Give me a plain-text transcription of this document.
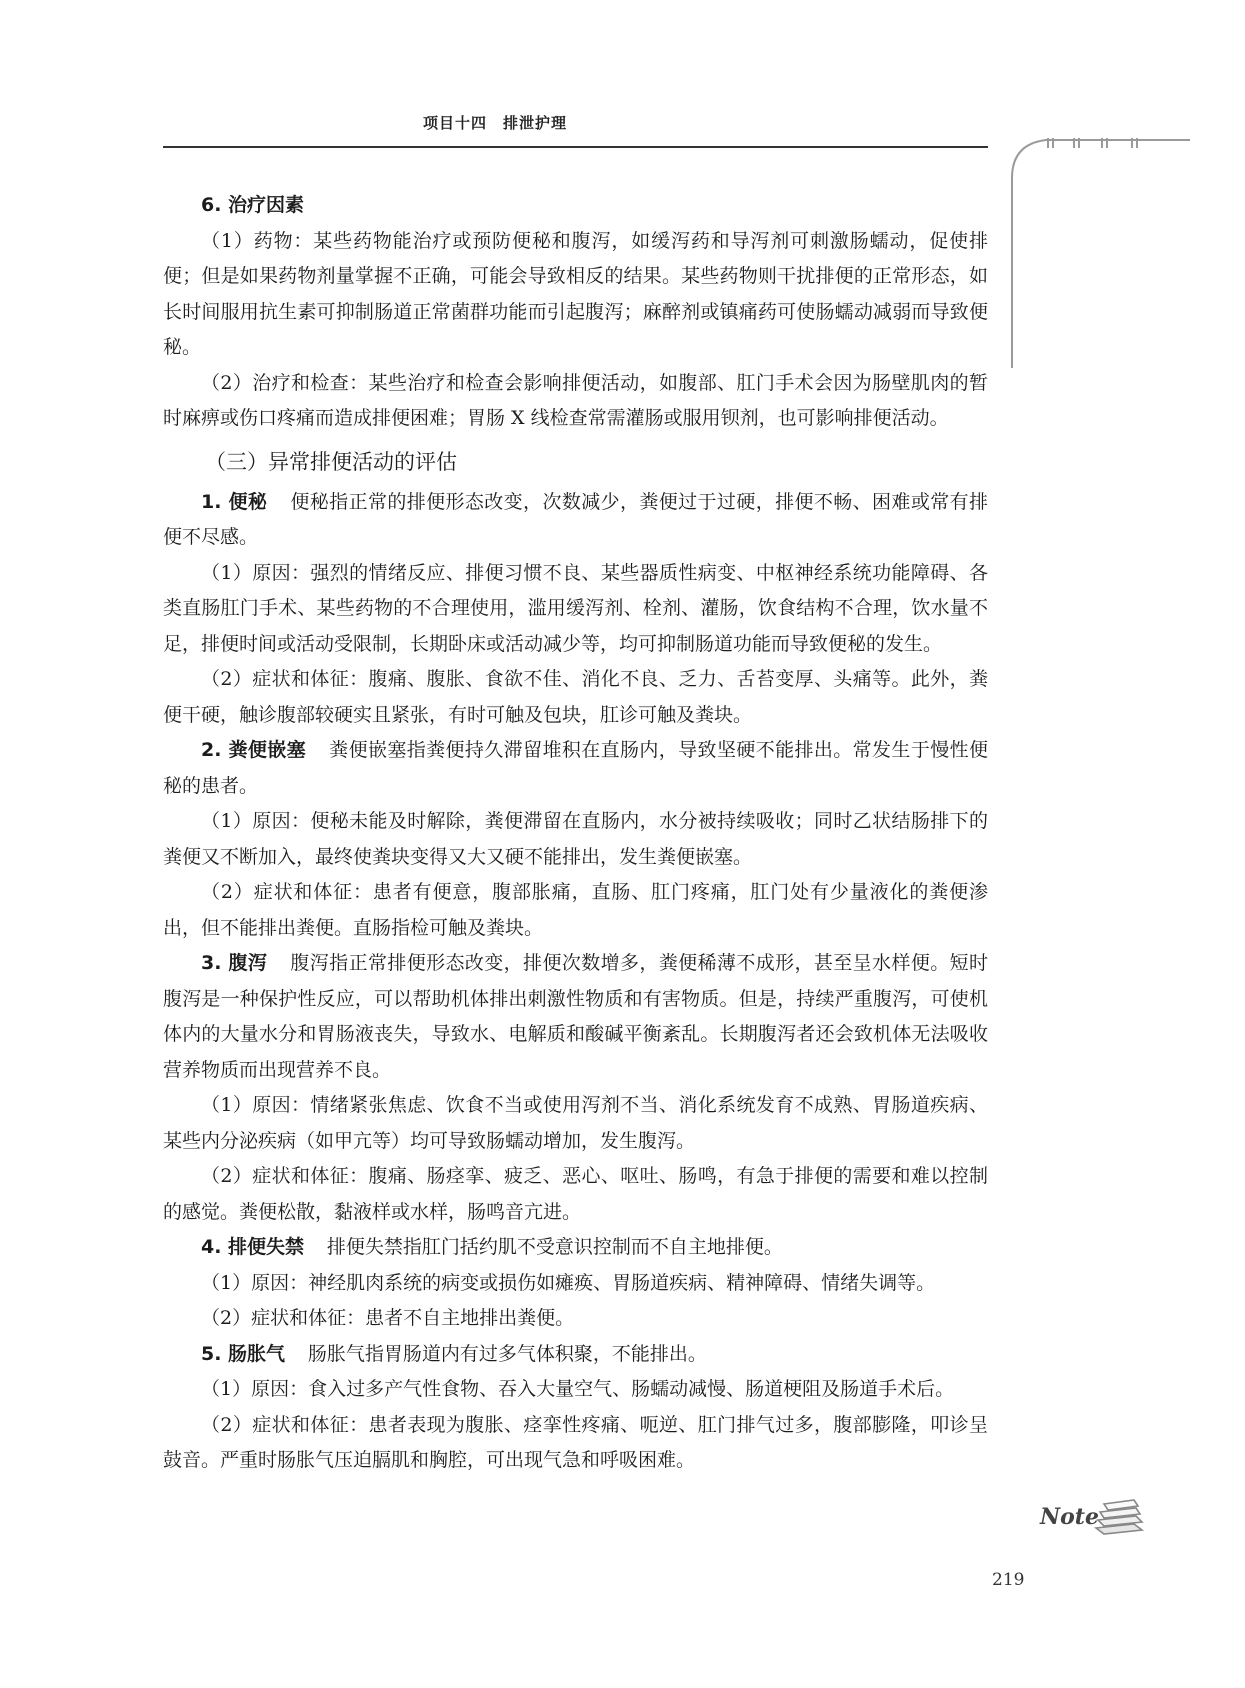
项目十四　排泄护理

6. 治疗因素

（1）药物：某些药物能治疗或预防便秘和腹泻，如缓泻药和导泻剂可刺激肠蠕动，促使排便；但是如果药物剂量掌握不正确，可能会导致相反的结果。某些药物则干扰排便的正常形态，如长时间服用抗生素可抑制肠道正常菌群功能而引起腹泻；麻醉剂或镇痛药可使肠蠕动减弱而导致便秘。

（2）治疗和检查：某些治疗和检查会影响排便活动，如腹部、肛门手术会因为肠壁肌肉的暂时麻痹或伤口疼痛而造成排便困难；胃肠 X 线检查常需灌肠或服用钡剂，也可影响排便活动。

（三）异常排便活动的评估

1. 便秘 便秘指正常的排便形态改变，次数减少，粪便过于过硬，排便不畅、困难或常有排便不尽感。

（1）原因：强烈的情绪反应、排便习惯不良、某些器质性病变、中枢神经系统功能障碍、各类直肠肛门手术、某些药物的不合理使用，滥用缓泻剂、栓剂、灌肠，饮食结构不合理，饮水量不足，排便时间或活动受限制，长期卧床或活动减少等，均可抑制肠道功能而导致便秘的发生。

（2）症状和体征：腹痛、腹胀、食欲不佳、消化不良、乏力、舌苔变厚、头痛等。此外，粪便干硬，触诊腹部较硬实且紧张，有时可触及包块，肛诊可触及粪块。

2. 粪便嵌塞 粪便嵌塞指粪便持久滞留堆积在直肠内，导致坚硬不能排出。常发生于慢性便秘的患者。

（1）原因：便秘未能及时解除，粪便滞留在直肠内，水分被持续吸收；同时乙状结肠排下的粪便又不断加入，最终使粪块变得又大又硬不能排出，发生粪便嵌塞。

（2）症状和体征：患者有便意，腹部胀痛，直肠、肛门疼痛，肛门处有少量液化的粪便渗出，但不能排出粪便。直肠指检可触及粪块。

3. 腹泻 腹泻指正常排便形态改变，排便次数增多，粪便稀薄不成形，甚至呈水样便。短时腹泻是一种保护性反应，可以帮助机体排出刺激性物质和有害物质。但是，持续严重腹泻，可使机体内的大量水分和胃肠液丧失，导致水、电解质和酸碱平衡紊乱。长期腹泻者还会致机体无法吸收营养物质而出现营养不良。

（1）原因：情绪紧张焦虑、饮食不当或使用泻剂不当、消化系统发育不成熟、胃肠道疾病、某些内分泌疾病（如甲亢等）均可导致肠蠕动增加，发生腹泻。

（2）症状和体征：腹痛、肠痉挛、疲乏、恶心、呕吐、肠鸣，有急于排便的需要和难以控制的感觉。粪便松散，黏液样或水样，肠鸣音亢进。

4. 排便失禁 排便失禁指肛门括约肌不受意识控制而不自主地排便。

（1）原因：神经肌肉系统的病变或损伤如瘫痪、胃肠道疾病、精神障碍、情绪失调等。

（2）症状和体征：患者不自主地排出粪便。

5. 肠胀气 肠胀气指胃肠道内有过多气体积聚，不能排出。

（1）原因：食入过多产气性食物、吞入大量空气、肠蠕动减慢、肠道梗阻及肠道手术后。

（2）症状和体征：患者表现为腹胀、痉挛性疼痛、呃逆、肛门排气过多，腹部膨隆，叩诊呈鼓音。严重时肠胀气压迫膈肌和胸腔，可出现气急和呼吸困难。

Note
219
